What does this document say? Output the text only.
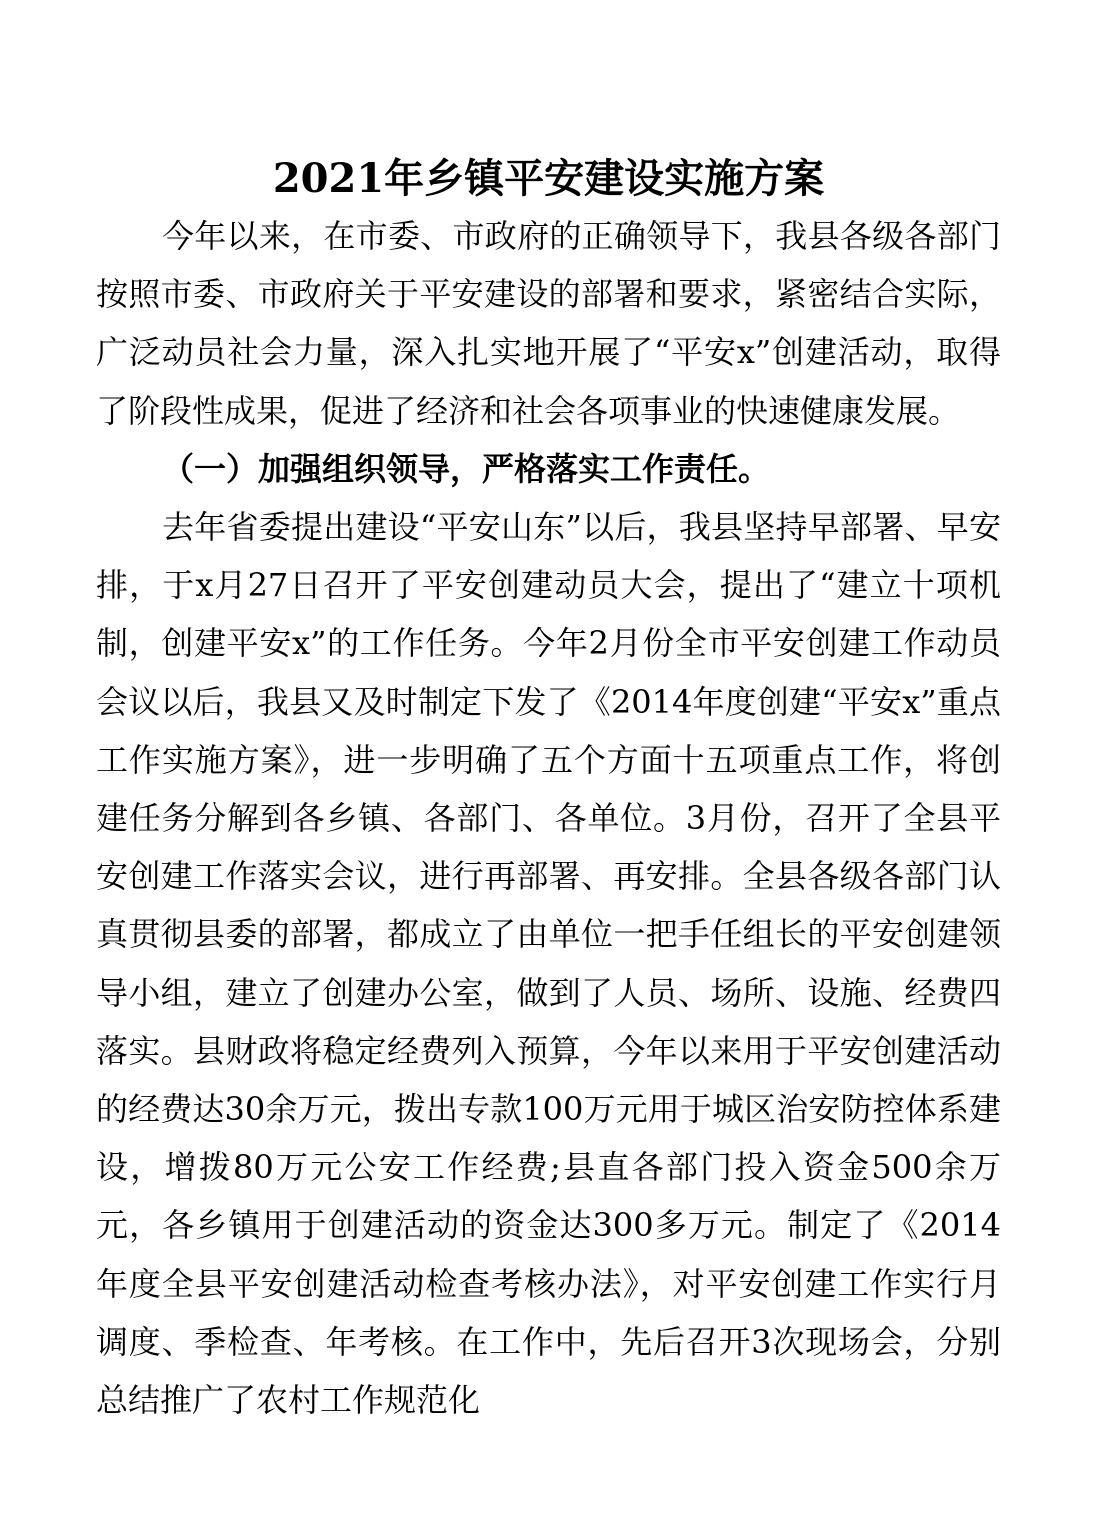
2021年乡镇平安建设实施方案

今年以来，在市委、市政府的正确领导下，我县各级各部门按照市委、市政府关于平安建设的部署和要求，紧密结合实际，广泛动员社会力量，深入扎实地开展了“平安x”创建活动，取得了阶段性成果，促进了经济和社会各项事业的快速健康发展。

（一）加强组织领导，严格落实工作责任。

去年省委提出建设“平安山东”以后，我县坚持早部署、早安排，于x月27日召开了平安创建动员大会，提出了“建立十项机制，创建平安x”的工作任务。今年2月份全市平安创建工作动员会议以后，我县又及时制定下发了《2014年度创建“平安x”重点工作实施方案》，进一步明确了五个方面十五项重点工作，将创建任务分解到各乡镇、各部门、各单位。3月份，召开了全县平安创建工作落实会议，进行再部署、再安排。全县各级各部门认真贯彻县委的部署，都成立了由单位一把手任组长的平安创建领导小组，建立了创建办公室，做到了人员、场所、设施、经费四落实。县财政将稳定经费列入预算，今年以来用于平安创建活动的经费达30余万元，拨出专款100万元用于城区治安防控体系建设，增拨80万元公安工作经费;县直各部门投入资金500余万元，各乡镇用于创建活动的资金达300多万元。制定了《2014年度全县平安创建活动检查考核办法》，对平安创建工作实行月调度、季检查、年考核。在工作中，先后召开3次现场会，分别总结推广了农村工作规范化
